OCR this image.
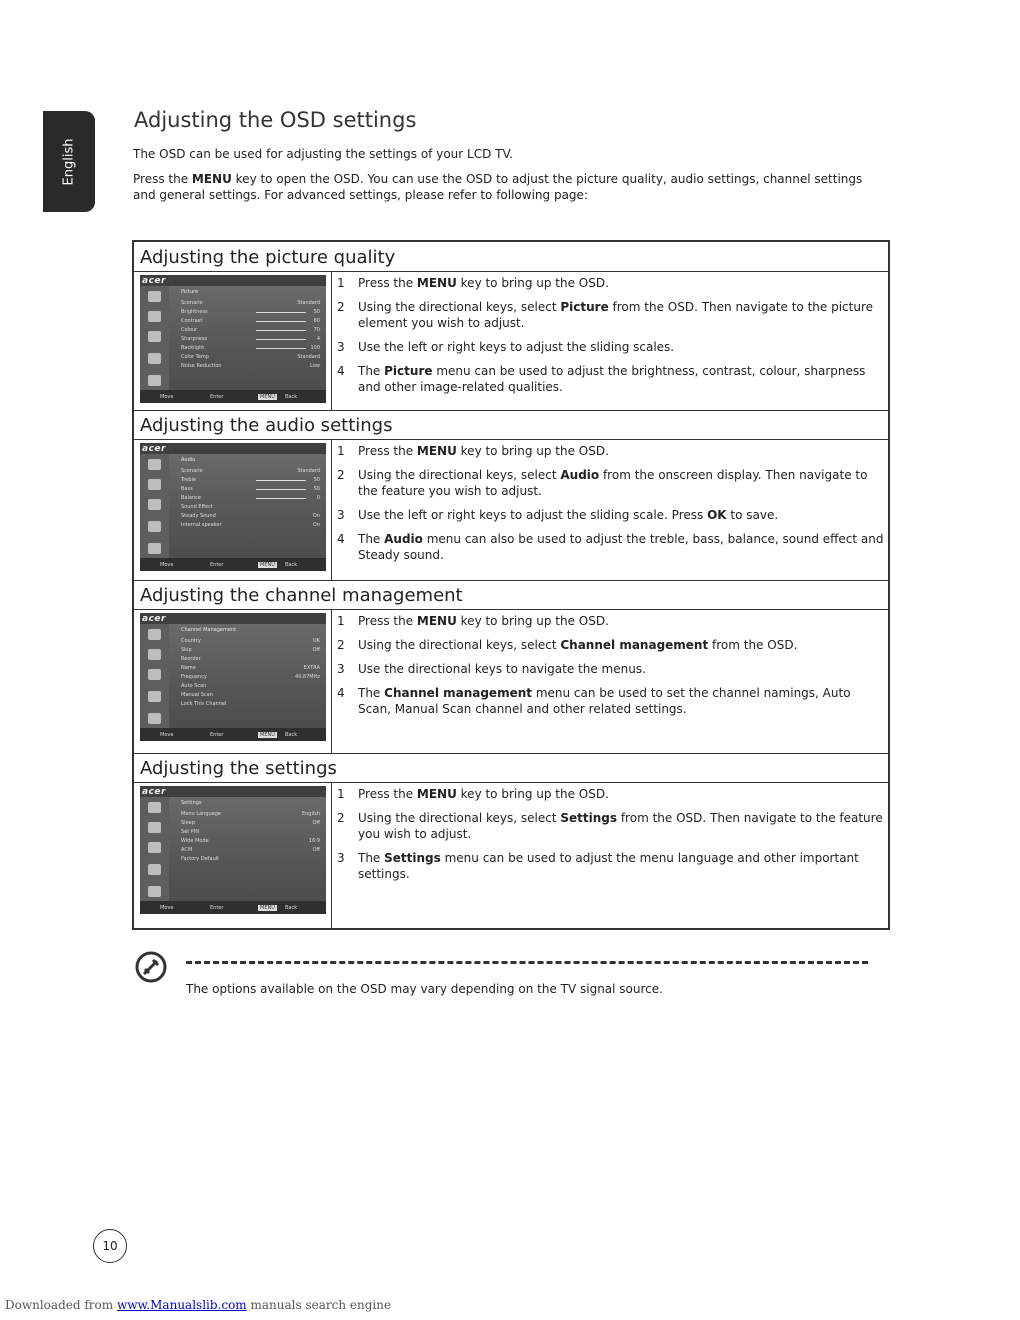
English
Adjusting the OSD settings

The OSD can be used for adjusting the settings of your LCD TV.

Press the MENU key to open the OSD. You can use the OSD to adjust the picture quality, audio settings, channel settings and general settings. For advanced settings, please refer to following page:

Adjusting the picture quality
acer
Picture
Scenario	Standard
Brightness	50
Contrast	80
Colour	70
Sharpness	4
Backlight	100
Color Temp	Standard
Noise Reduction	Low
Move	Enter	MENU	Back
1 Press the MENU key to bring up the OSD.
2 Using the directional keys, select Picture from the OSD. Then navigate to the picture element you wish to adjust.
3 Use the left or right keys to adjust the sliding scales.
4 The Picture menu can be used to adjust the brightness, contrast, colour, sharpness and other image-related qualities.
Adjusting the audio settings
acer
Audio
Scenario	Standard
Treble	50
Bass	50
Balance	0
Sound Effect
Steady Sound	On
Internal speaker	On
Move	Enter	MENU	Back
1 Press the MENU key to bring up the OSD.
2 Using the directional keys, select Audio from the onscreen display. Then navigate to the feature you wish to adjust.
3 Use the left or right keys to adjust the sliding scale. Press OK to save.
4 The Audio menu can also be used to adjust the treble, bass, balance, sound effect and Steady sound.
Adjusting the channel management
acer
Channel Management
Country	UK
Skip	Off
Reorder
Name	EXTRA
Frequency	49.87MHz
Auto Scan
Manual Scan
Lock This Channel
Move	Enter	MENU	Back
1 Press the MENU key to bring up the OSD.
2 Using the directional keys, select Channel management from the OSD.
3 Use the directional keys to navigate the menus.
4 The Channel management menu can be used to set the channel namings, Auto Scan, Manual Scan channel and other related settings.
Adjusting the settings
acer
Settings
Menu Language	English
Sleep	Off
Set PIN
Wide Mode	16:9
ACM	Off
Factory Default
Move	Enter	MENU	Back
1 Press the MENU key to bring up the OSD.
2 Using the directional keys, select Settings from the OSD. Then navigate to the feature you wish to adjust.
3 The Settings menu can be used to adjust the menu language and other important settings.

The options available on the OSD may vary depending on the TV signal source.

10
Downloaded from www.Manualslib.com manuals search engine
